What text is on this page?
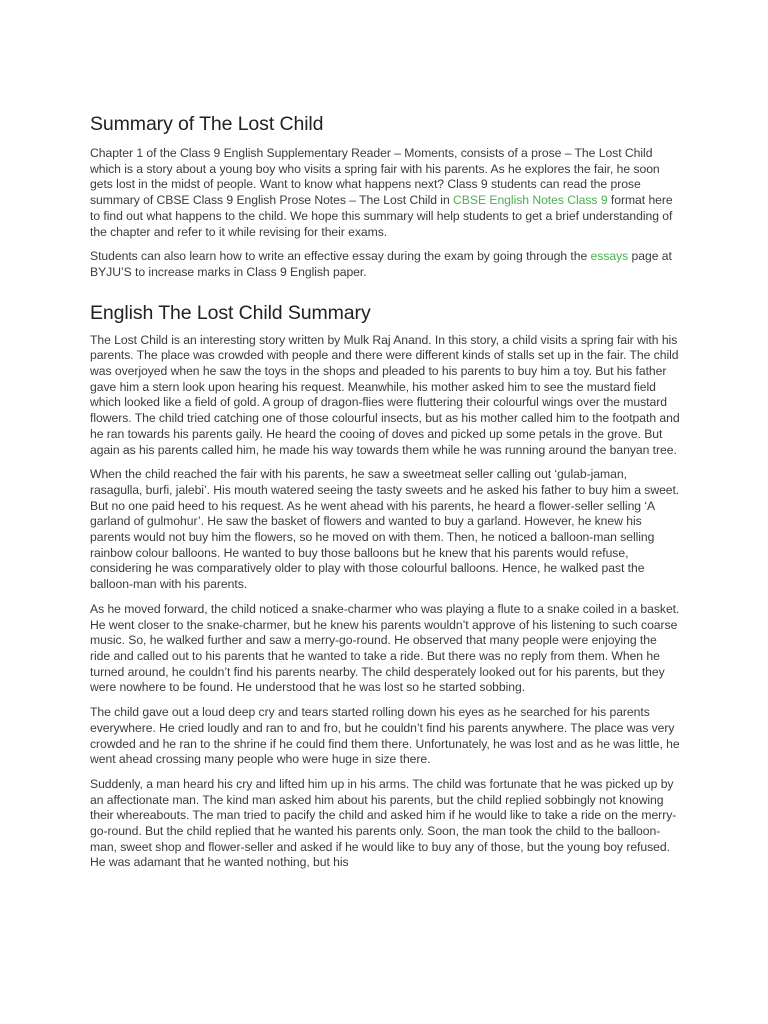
Summary of The Lost Child

Chapter 1 of the Class 9 English Supplementary Reader – Moments, consists of a prose – The Lost Child which is a story about a young boy who visits a spring fair with his parents. As he explores the fair, he soon gets lost in the midst of people. Want to know what happens next? Class 9 students can read the prose summary of CBSE Class 9 English Prose Notes – The Lost Child in CBSE English Notes Class 9 format here to find out what happens to the child. We hope this summary will help students to get a brief understanding of the chapter and refer to it while revising for their exams.

Students can also learn how to write an effective essay during the exam by going through the essays page at BYJU’S to increase marks in Class 9 English paper.

English The Lost Child Summary

The Lost Child is an interesting story written by Mulk Raj Anand. In this story, a child visits a spring fair with his parents. The place was crowded with people and there were different kinds of stalls set up in the fair. The child was overjoyed when he saw the toys in the shops and pleaded to his parents to buy him a toy. But his father gave him a stern look upon hearing his request. Meanwhile, his mother asked him to see the mustard field which looked like a field of gold. A group of dragon-flies were fluttering their colourful wings over the mustard flowers. The child tried catching one of those colourful insects, but as his mother called him to the footpath and he ran towards his parents gaily. He heard the cooing of doves and picked up some petals in the grove. But again as his parents called him, he made his way towards them while he was running around the banyan tree.

When the child reached the fair with his parents, he saw a sweetmeat seller calling out ‘gulab-jaman, rasagulla, burfi, jalebi’. His mouth watered seeing the tasty sweets and he asked his father to buy him a sweet. But no one paid heed to his request. As he went ahead with his parents, he heard a flower-seller selling ‘A garland of gulmohur’. He saw the basket of flowers and wanted to buy a garland. However, he knew his parents would not buy him the flowers, so he moved on with them. Then, he noticed a balloon-man selling rainbow colour balloons. He wanted to buy those balloons but he knew that his parents would refuse, considering he was comparatively older to play with those colourful balloons. Hence, he walked past the balloon-man with his parents.

As he moved forward, the child noticed a snake-charmer who was playing a flute to a snake coiled in a basket. He went closer to the snake-charmer, but he knew his parents wouldn’t approve of his listening to such coarse music. So, he walked further and saw a merry-go-round. He observed that many people were enjoying the ride and called out to his parents that he wanted to take a ride. But there was no reply from them. When he turned around, he couldn’t find his parents nearby. The child desperately looked out for his parents, but they were nowhere to be found. He understood that he was lost so he started sobbing.

The child gave out a loud deep cry and tears started rolling down his eyes as he searched for his parents everywhere. He cried loudly and ran to and fro, but he couldn’t find his parents anywhere. The place was very crowded and he ran to the shrine if he could find them there. Unfortunately, he was lost and as he was little, he went ahead crossing many people who were huge in size there.

Suddenly, a man heard his cry and lifted him up in his arms. The child was fortunate that he was picked up by an affectionate man. The kind man asked him about his parents, but the child replied sobbingly not knowing their whereabouts. The man tried to pacify the child and asked him if he would like to take a ride on the merry-go-round. But the child replied that he wanted his parents only. Soon, the man took the child to the balloon-man, sweet shop and flower-seller and asked if he would like to buy any of those, but the young boy refused. He was adamant that he wanted nothing, but his
